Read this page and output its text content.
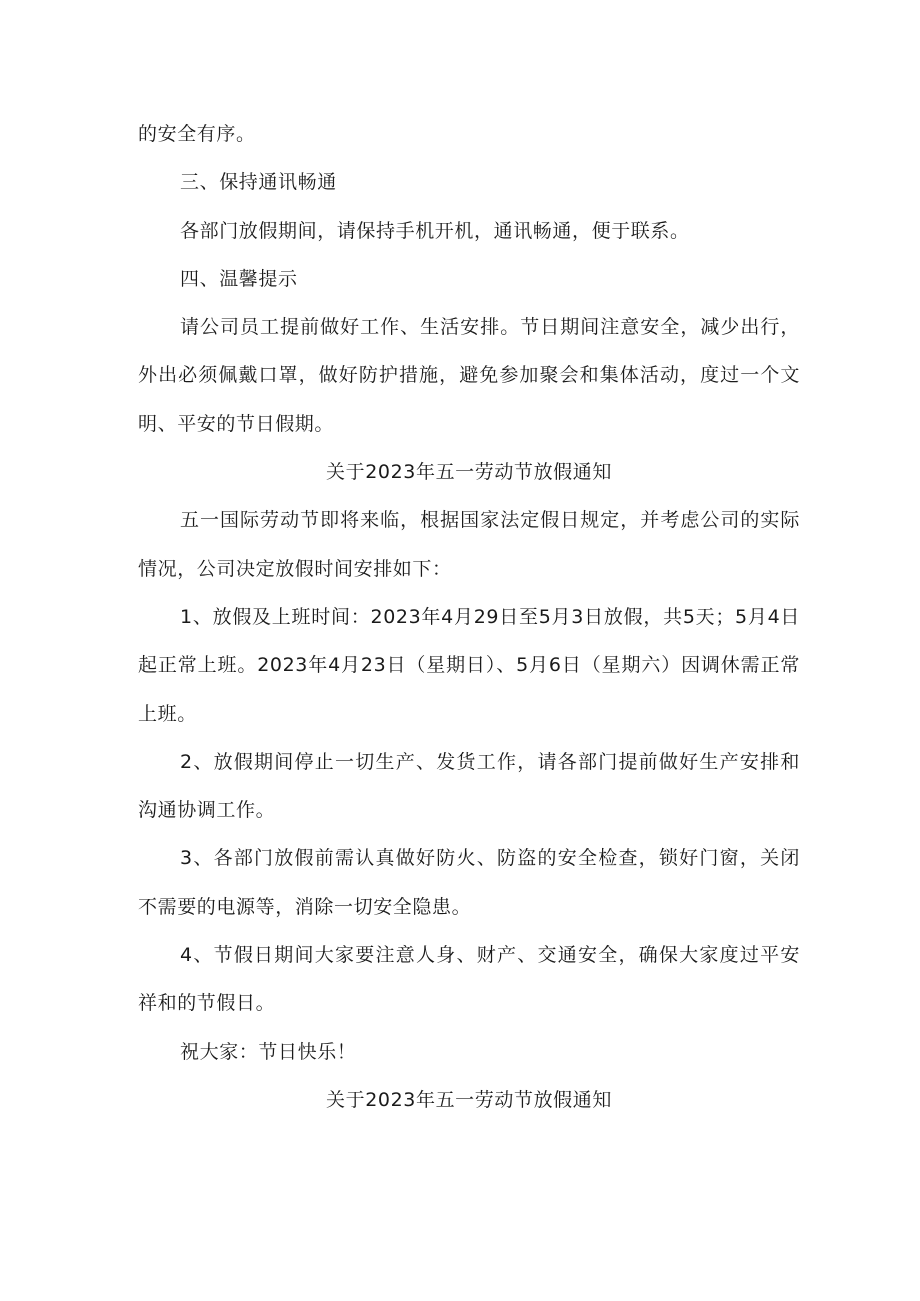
的安全有序。

三、保持通讯畅通

各部门放假期间，请保持手机开机，通讯畅通，便于联系。

四、温馨提示

请公司员工提前做好工作、生活安排。节日期间注意安全，减少出行，外出必须佩戴口罩，做好防护措施，避免参加聚会和集体活动，度过一个文明、平安的节日假期。

关于2023年五一劳动节放假通知

五一国际劳动节即将来临，根据国家法定假日规定，并考虑公司的实际情况，公司决定放假时间安排如下：

1、放假及上班时间：2023年4月29日至5月3日放假，共5天；5月4日起正常上班。2023年4月23日（星期日）、5月6日（星期六）因调休需正常上班。

2、放假期间停止一切生产、发货工作，请各部门提前做好生产安排和沟通协调工作。

3、各部门放假前需认真做好防火、防盗的安全检查，锁好门窗，关闭不需要的电源等，消除一切安全隐患。

4、节假日期间大家要注意人身、财产、交通安全，确保大家度过平安祥和的节假日。

祝大家：节日快乐！

关于2023年五一劳动节放假通知
